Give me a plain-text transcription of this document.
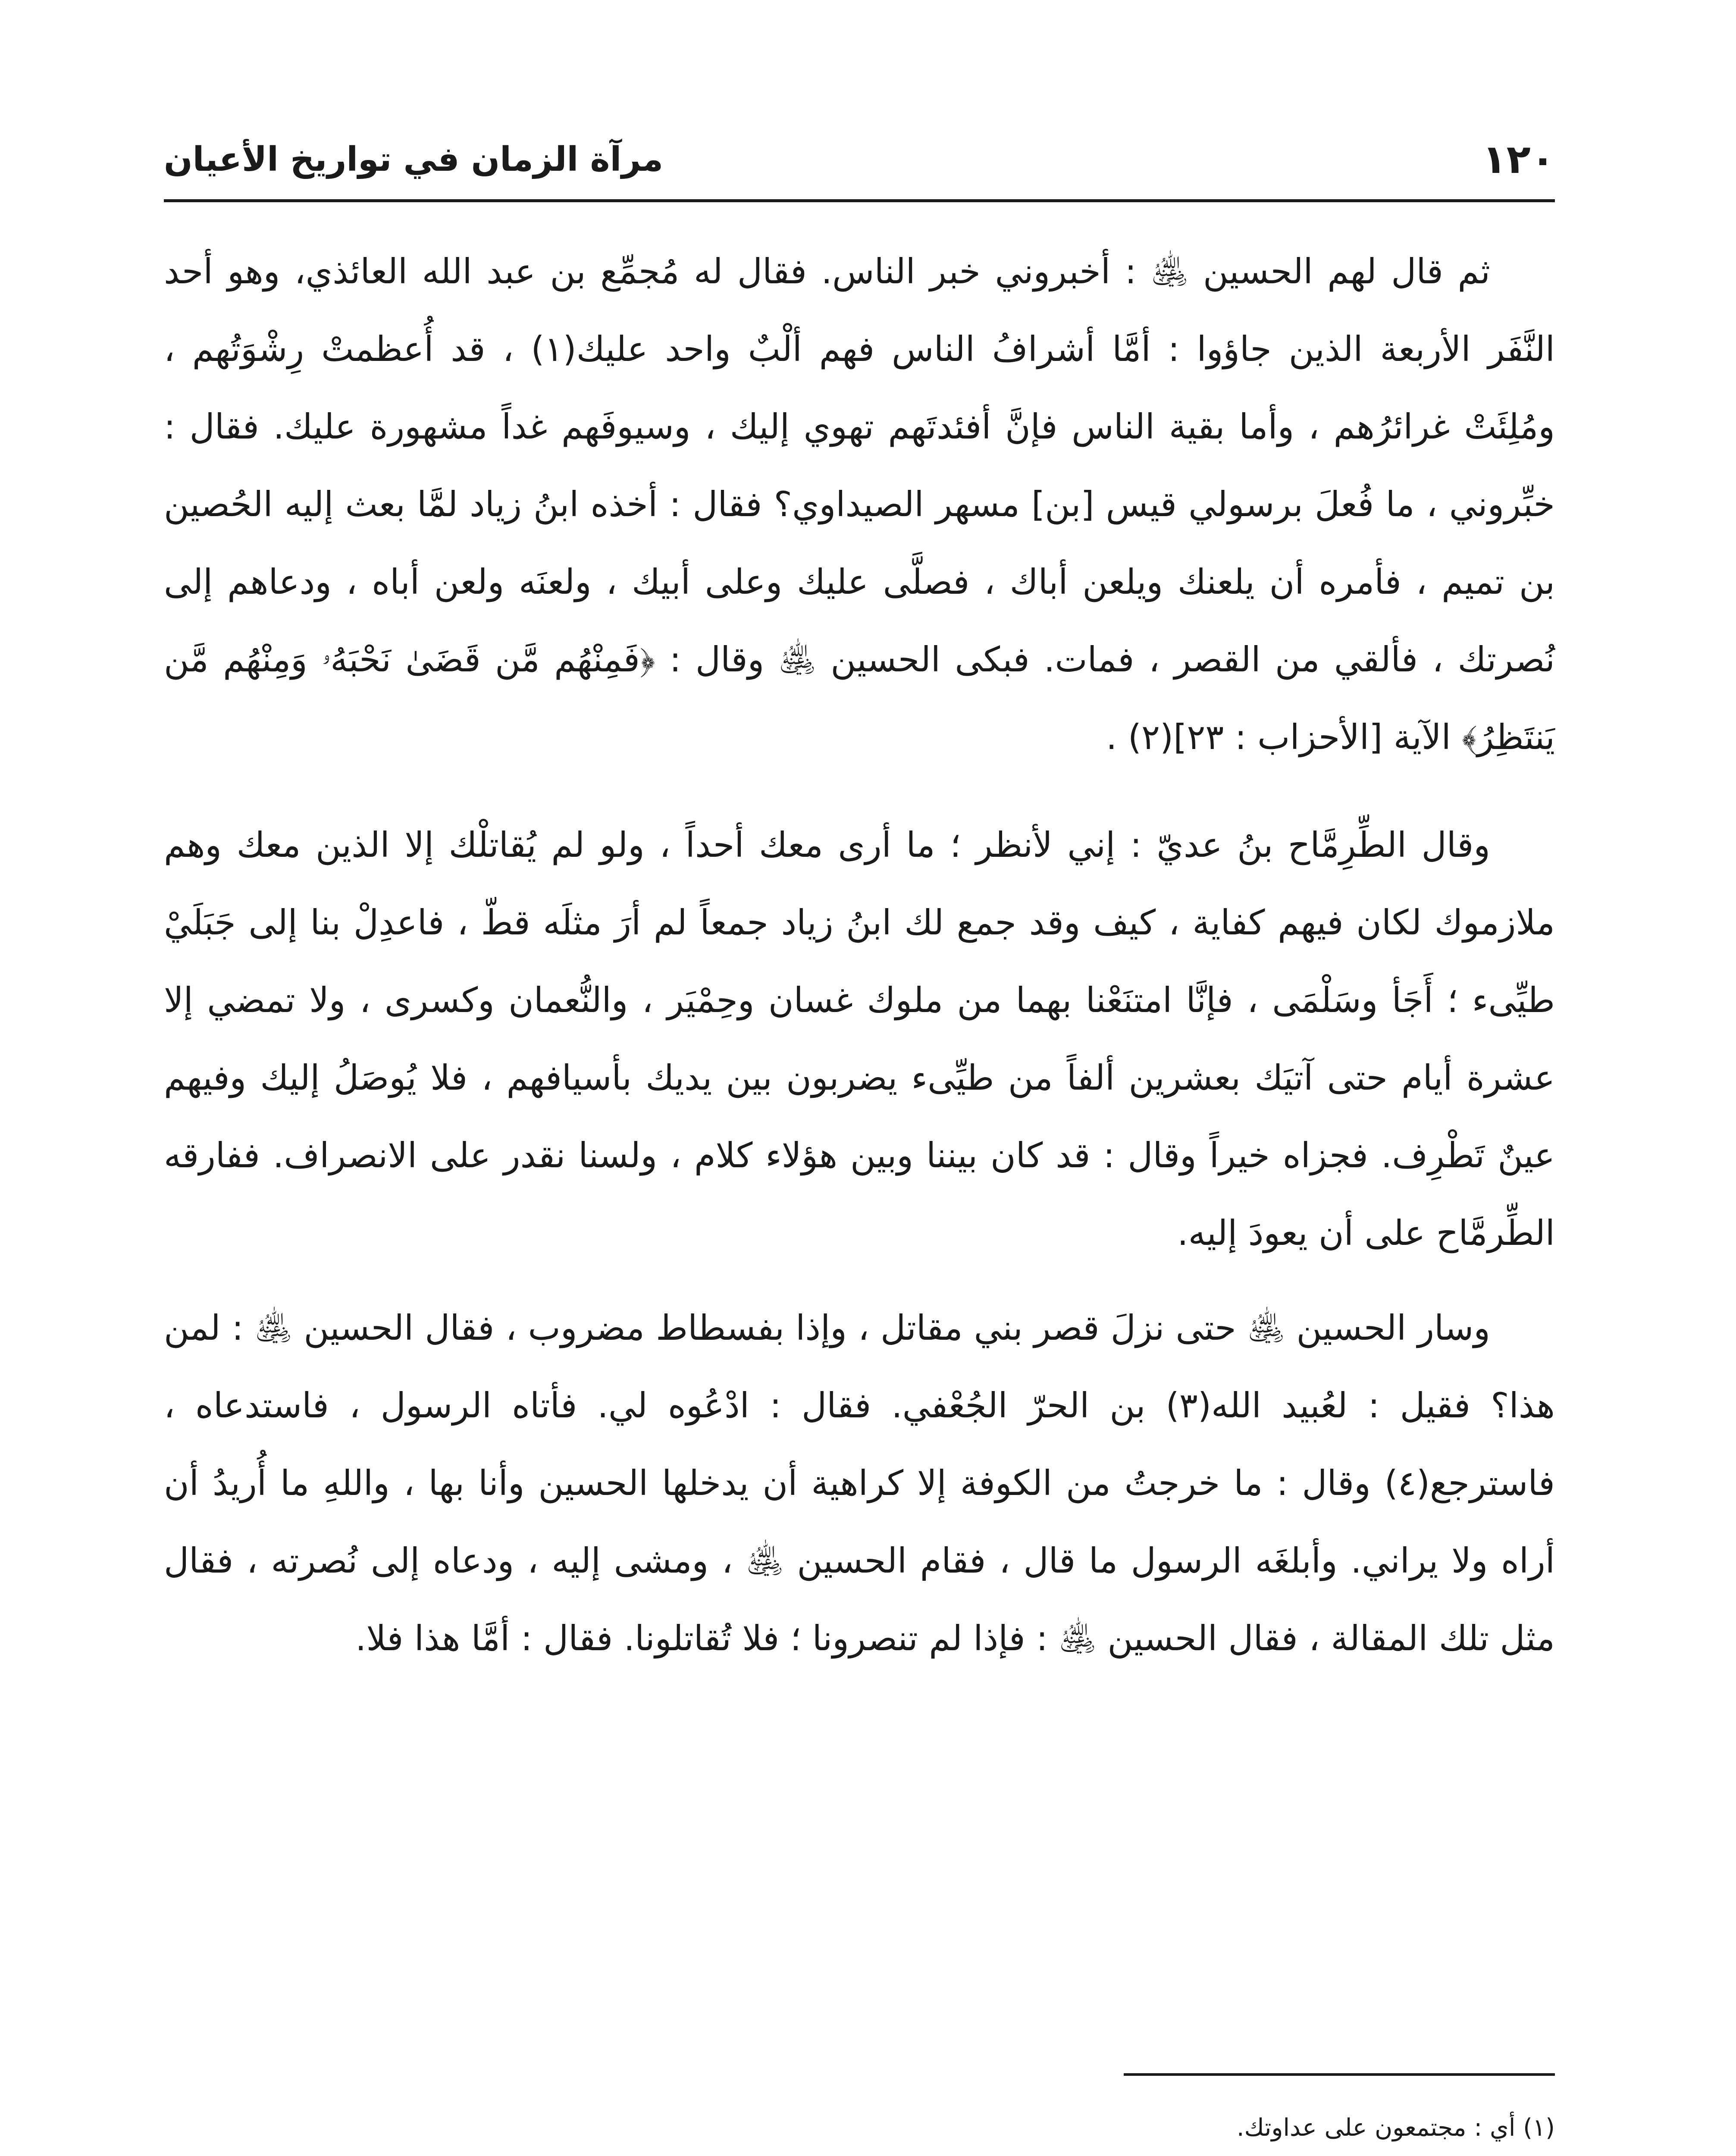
١٢٠
مرآة الزمان في تواريخ الأعيان

ثم قال لهم الحسين ﵁ : أخبروني خبر الناس. فقال له مُجمِّع بن عبد الله العائذي، وهو أحد النَّفَر الأربعة الذين جاؤوا : أمَّا أشرافُ الناس فهم ألْبٌ واحد عليك(١) ، قد أُعظمتْ رِشْوَتُهم ، ومُلِئَتْ غرائرُهم ، وأما بقية الناس فإنَّ أفئدتَهم تهوي إليك ، وسيوفَهم غداً مشهورة عليك. فقال : خبِّروني ، ما فُعلَ برسولي قيس [بن] مسهر الصيداوي؟ فقال : أخذه ابنُ زياد لمَّا بعث إليه الحُصين بن تميم ، فأمره أن يلعنك ويلعن أباك ، فصلَّى عليك وعلى أبيك ، ولعنَه ولعن أباه ، ودعاهم إلى نُصرتك ، فألقي من القصر ، فمات. فبكى الحسين ﵁ وقال : ﴿فَمِنْهُم مَّن قَضَىٰ نَحْبَهُۥ وَمِنْهُم مَّن يَنتَظِرُ﴾ الآية [الأحزاب : ٢٣](٢) .

وقال الطِّرِمَّاح بنُ عديّ : إني لأنظر ؛ ما أرى معك أحداً ، ولو لم يُقاتلْك إلا الذين معك وهم ملازموك لكان فيهم كفاية ، كيف وقد جمع لك ابنُ زياد جمعاً لم أرَ مثلَه قطّ ، فاعدِلْ بنا إلى جَبَلَيْ طيِّىء ؛ أَجَأ وسَلْمَى ، فإنَّا امتنَعْنا بهما من ملوك غسان وحِمْيَر ، والنُّعمان وكسرى ، ولا تمضي إلا عشرة أيام حتى آتيَك بعشرين ألفاً من طيِّىء يضربون بين يديك بأسيافهم ، فلا يُوصَلُ إليك وفيهم عينٌ تَطْرِف. فجزاه خيراً وقال : قد كان بيننا وبين هؤلاء كلام ، ولسنا نقدر على الانصراف. ففارقه الطِّرمَّاح على أن يعودَ إليه.

وسار الحسين ﵁ حتى نزلَ قصر بني مقاتل ، وإذا بفسطاط مضروب ، فقال الحسين ﵁ : لمن هذا؟ فقيل : لعُبيد الله(٣) بن الحرّ الجُعْفي. فقال : ادْعُوه لي. فأتاه الرسول ، فاستدعاه ، فاسترجع(٤) وقال : ما خرجتُ من الكوفة إلا كراهية أن يدخلها الحسين وأنا بها ، واللهِ ما أُريدُ أن أراه ولا يراني. وأبلغَه الرسول ما قال ، فقام الحسين ﵁ ، ومشى إليه ، ودعاه إلى نُصرته ، فقال مثل تلك المقالة ، فقال الحسين ﵁ : فإذا لم تنصرونا ؛ فلا تُقاتلونا. فقال : أمَّا هذا فلا.

(١) أي : مجتمعون على عداوتك.
